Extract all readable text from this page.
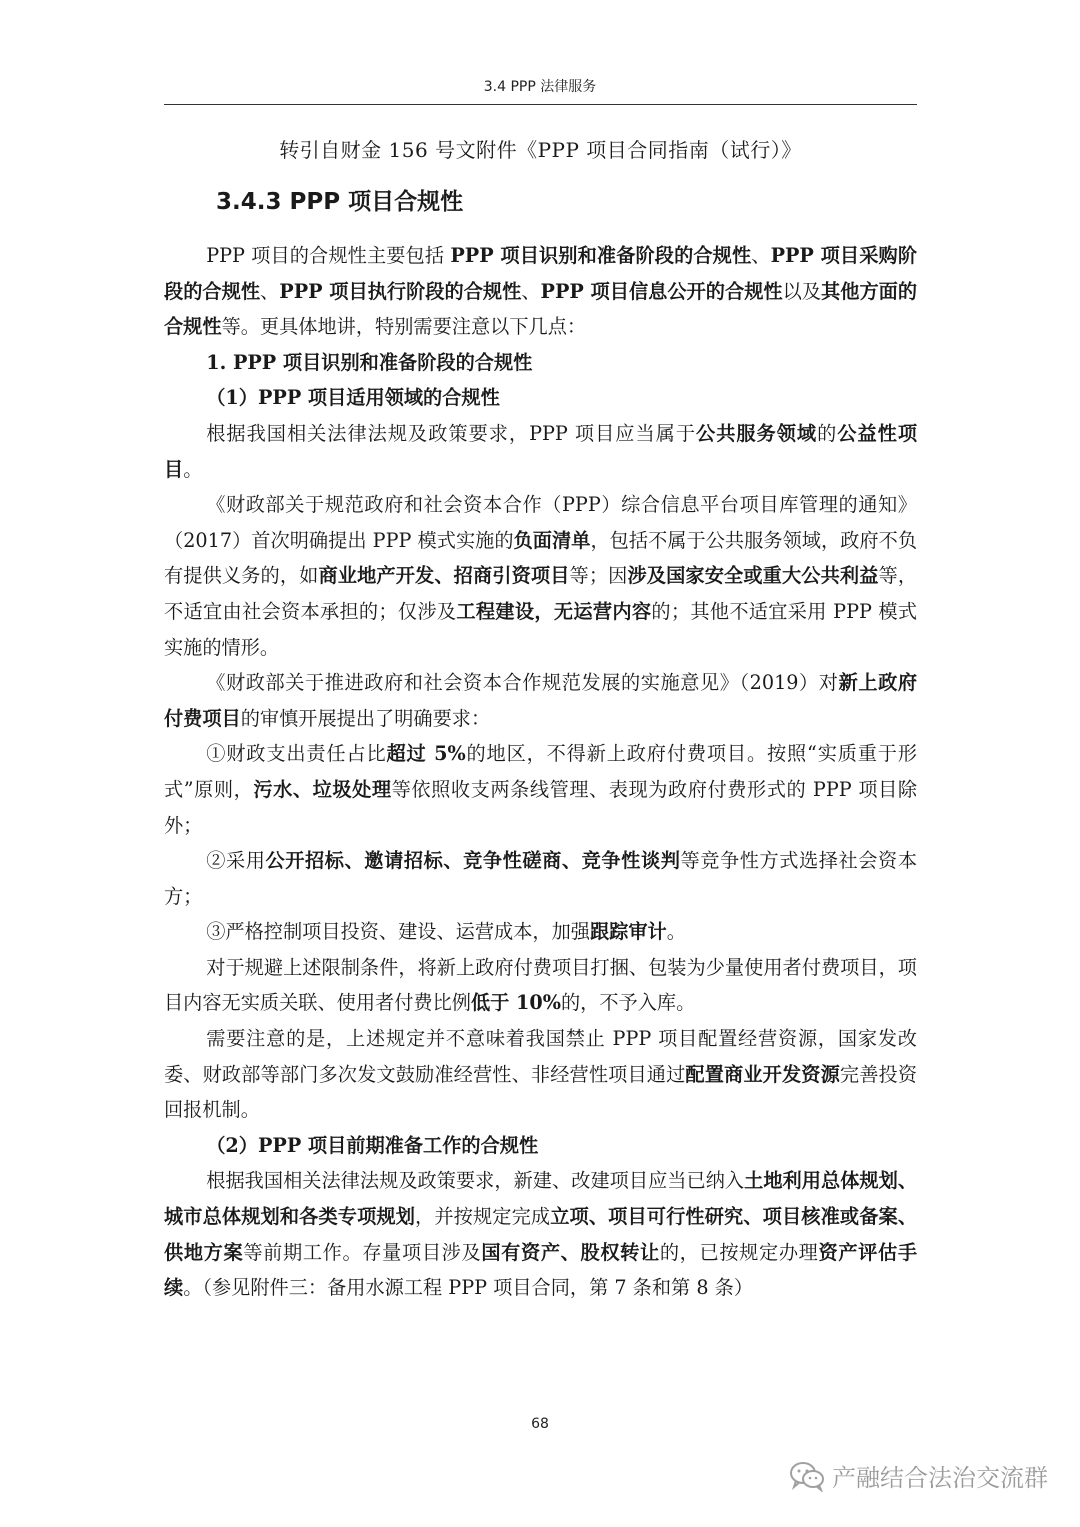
3.4 PPP 法律服务
转引自财金 156 号文附件《PPP 项目合同指南（试行）》
3.4.3 PPP 项目合规性

PPP 项目的合规性主要包括 PPP 项目识别和准备阶段的合规性、PPP 项目采购阶段的合规性、PPP 项目执行阶段的合规性、PPP 项目信息公开的合规性以及其他方面的合规性等。更具体地讲，特别需要注意以下几点：

1. PPP 项目识别和准备阶段的合规性

（1）PPP 项目适用领域的合规性

根据我国相关法律法规及政策要求，PPP 项目应当属于公共服务领域的公益性项目。

《财政部关于规范政府和社会资本合作（PPP）综合信息平台项目库管理的通知》（2017）首次明确提出 PPP 模式实施的负面清单，包括不属于公共服务领域，政府不负有提供义务的，如商业地产开发、招商引资项目等；因涉及国家安全或重大公共利益等，不适宜由社会资本承担的；仅涉及工程建设，无运营内容的；其他不适宜采用 PPP 模式实施的情形。

《财政部关于推进政府和社会资本合作规范发展的实施意见》（2019）对新上政府付费项目的审慎开展提出了明确要求：

①财政支出责任占比超过 5%的地区，不得新上政府付费项目。按照“实质重于形式”原则，污水、垃圾处理等依照收支两条线管理、表现为政府付费形式的 PPP 项目除外；

②采用公开招标、邀请招标、竞争性磋商、竞争性谈判等竞争性方式选择社会资本方；

③严格控制项目投资、建设、运营成本，加强跟踪审计。

对于规避上述限制条件，将新上政府付费项目打捆、包装为少量使用者付费项目，项目内容无实质关联、使用者付费比例低于 10%的，不予入库。

需要注意的是，上述规定并不意味着我国禁止 PPP 项目配置经营资源，国家发改委、财政部等部门多次发文鼓励准经营性、非经营性项目通过配置商业开发资源完善投资回报机制。

（2）PPP 项目前期准备工作的合规性

根据我国相关法律法规及政策要求，新建、改建项目应当已纳入土地利用总体规划、城市总体规划和各类专项规划，并按规定完成立项、项目可行性研究、项目核准或备案、供地方案等前期工作。存量项目涉及国有资产、股权转让的，已按规定办理资产评估手续。（参见附件三：备用水源工程 PPP 项目合同，第 7 条和第 8 条）

68
产融结合法治交流群
